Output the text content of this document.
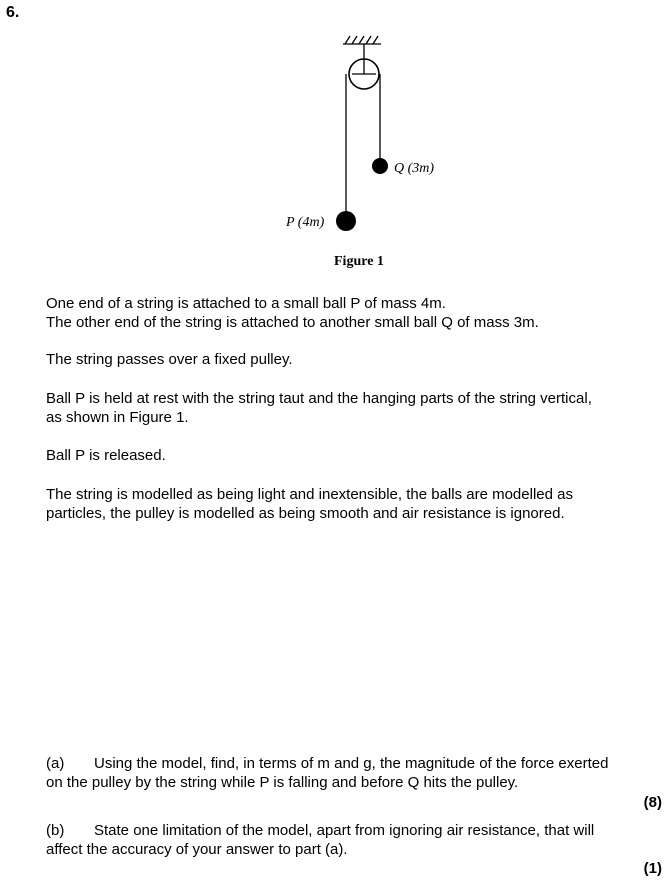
6.
Q (3m)
P (4m)
Figure 1
One end of a string is attached to a small ball P of mass 4m.
The other end of the string is attached to another small ball Q of mass 3m.
The string passes over a fixed pulley.
Ball P is held at rest with the string taut and the hanging parts of the string vertical,
as shown in Figure 1.
Ball P is released.
The string is modelled as being light and inextensible, the balls are modelled as
particles, the pulley is modelled as being smooth and air resistance is ignored.
(a) Using the model, find, in terms of m and g, the magnitude of the force exerted
on the pulley by the string while P is falling and before Q hits the pulley.
(8)
(b) State one limitation of the model, apart from ignoring air resistance, that will
affect the accuracy of your answer to part (a).
(1)
